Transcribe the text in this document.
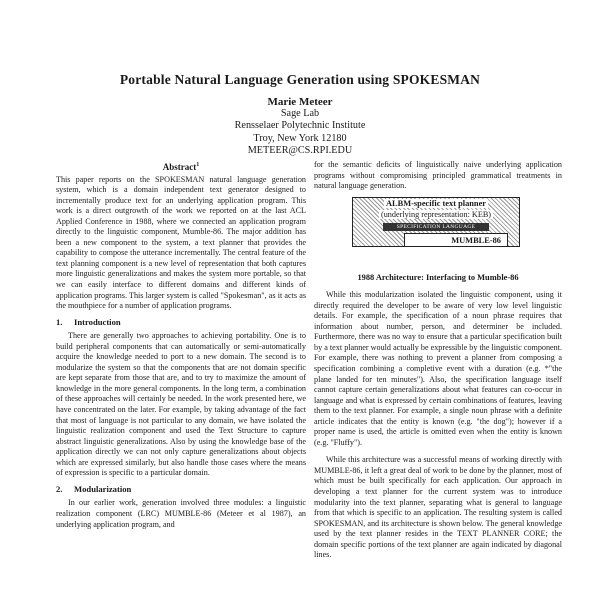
Portable Natural Language Generation using SPOKESMAN
Marie Meteer
Sage Lab
Rensselaer Polytechnic Institute
Troy, New York 12180
METEER@CS.RPI.EDU
Abstract$^1$

This paper reports on the SPOKESMAN natural language generation system, which is a domain independent text generator designed to incrementally produce text for an underlying application program. This work is a direct outgrowth of the work we reported on at the last ACL Applied Conference in 1988, where we connected an application program directly to the linguistic component, Mumble-86. The major addition has been a new component to the system, a text planner that provides the capability to compose the utterance incrementally. The central feature of the text planning component is a new level of representation that both captures more linguistic generalizations and makes the system more portable, so that we can easily interface to different domains and different kinds of application programs. This larger system is called "Spokesman", as it acts as the mouthpiece for a number of application programs.

1. Introduction

There are generally two approaches to achieving portability. One is to build peripheral components that can automatically or semi-automatically acquire the knowledge needed to port to a new domain. The second is to modularize the system so that the components that are not domain specific are kept separate from those that are, and to try to maximize the amount of knowledge in the more general components. In the long term, a combination of these approaches will certainly be needed. In the work presented here, we have concentrated on the later. For example, by taking advantage of the fact that most of language is not particular to any domain, we have isolated the linguistic realization component and used the Text Structure to capture abstract linguistic generalizations. Also by using the knowledge base of the application directly we can not only capture generalizations about objects which are expressed similarly, but also handle those cases where the means of expression is specific to a particular domain.

2. Modularization

In our earlier work, generation involved three modules: a linguistic realization component (LRC) MUMBLE-86 (Meteer et al 1987), an underlying application program, and

for the semantic deficits of linguistically naive underlying application programs without compromising principled grammatical treatments in natural language generation.

ALBM-specific text planner
(underlying representation: KEB)
SPECIFICATION LANGUAGE
MUMBLE-86
1988 Architecture: Interfacing to Mumble-86

While this modularization isolated the linguistic component, using it directly required the developer to be aware of very low level linguistic details. For example, the specification of a noun phrase requires that information about number, person, and determiner be included. Furthermore, there was no way to ensure that a particular specification built by a text planner would actually be expressible by the linguistic component. For example, there was nothing to prevent a planner from composing a specification combining a completive event with a duration (e.g. *"the plane landed for ten minutes"). Also, the specification language itself cannot capture certain generalizations about what features can co-occur in language and what is expressed by certain combinations of features, leaving them to the text planner. For example, a single noun phrase with a definite article indicates that the entity is known (e.g. "the dog"); however if a proper name is used, the article is omitted even when the entity is known (e.g. "Fluffy").

While this architecture was a successful means of working directly with MUMBLE-86, it left a great deal of work to be done by the planner, most of which must be built specifically for each application. Our approach in developing a text planner for the current system was to introduce modularity into the text planner, separating what is general to language from that which is specific to an application. The resulting system is called SPOKESMAN, and its architecture is shown below. The general knowledge used by the text planner resides in the TEXT PLANNER CORE; the domain specific portions of the text planner are again indicated by diagonal lines.
